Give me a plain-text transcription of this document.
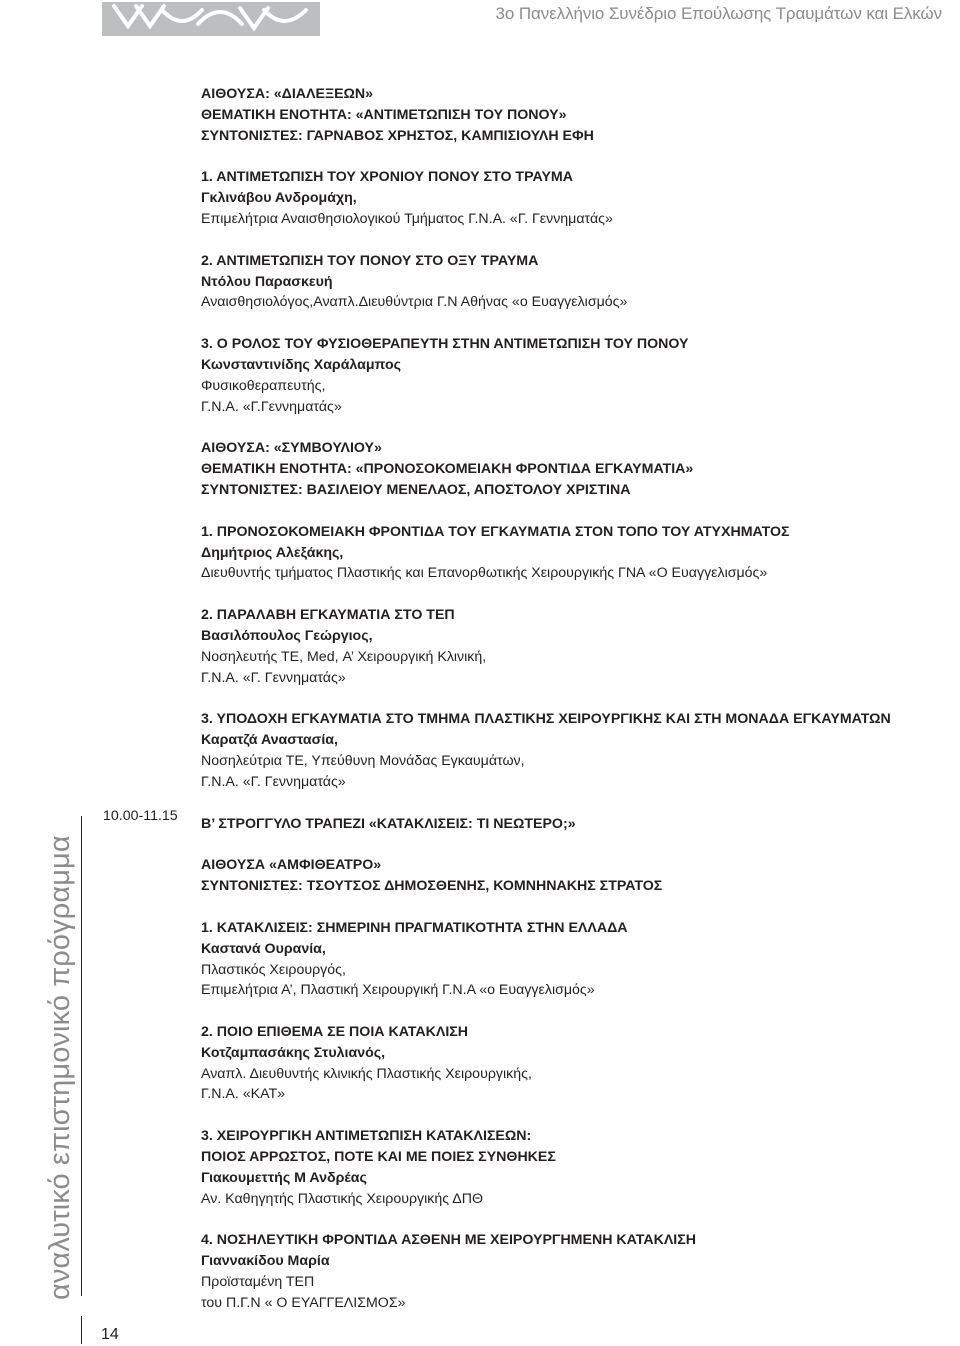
3ο Πανελλήνιο Συνέδριο Επούλωσης Τραυμάτων και Ελκών
αναλυτικό επιστημονικό πρόγραμμα
14
10.00-11.15
ΑΙΘΟΥΣΑ: «ΔΙΑΛΕΞΕΩΝ»
ΘΕΜΑΤΙΚΗ ΕΝΟΤΗΤΑ: «ΑΝΤΙΜΕΤΩΠΙΣΗ ΤΟΥ ΠΟΝΟΥ»
ΣΥΝΤΟΝΙΣΤΕΣ: ΓΑΡΝΑΒΟΣ ΧΡΗΣΤΟΣ, ΚΑΜΠΙΣΙΟΥΛΗ ΕΦΗ
1. ΑΝΤΙΜΕΤΩΠΙΣΗ ΤΟΥ ΧΡΟΝΙΟΥ ΠΟΝΟΥ ΣΤΟ ΤΡΑΥΜΑ
Γκλινάβου Ανδρομάχη,
Επιμελήτρια Αναισθησιολογικού Τμήματος Γ.Ν.Α. «Γ. Γεννηματάς»
2. ΑΝΤΙΜΕΤΩΠΙΣΗ ΤΟΥ ΠΟΝΟΥ ΣΤΟ ΟΞΥ ΤΡΑΥΜΑ
Ντόλου Παρασκευή
Αναισθησιολόγος,Αναπλ.Διευθύντρια Γ.Ν Αθήνας «ο Ευαγγελισμός»
3. Ο ΡΟΛΟΣ ΤΟΥ ΦΥΣΙΟΘΕΡΑΠΕΥΤΗ ΣΤΗΝ ΑΝΤΙΜΕΤΩΠΙΣΗ ΤΟΥ ΠΟΝΟΥ
Κωνσταντινίδης Χαράλαμπος
Φυσικοθεραπευτής,
Γ.Ν.Α. «Γ.Γεννηματάς»
ΑΙΘΟΥΣΑ: «ΣΥΜΒΟΥΛΙΟΥ»
ΘΕΜΑΤΙΚΗ ΕΝΟΤΗΤΑ: «ΠΡΟΝΟΣΟΚΟΜΕΙΑΚΗ ΦΡΟΝΤΙΔΑ ΕΓΚΑΥΜΑΤΙΑ»
ΣΥΝΤΟΝΙΣΤΕΣ: ΒΑΣΙΛΕΙΟΥ ΜΕΝΕΛΑΟΣ, ΑΠΟΣΤΟΛΟΥ ΧΡΙΣΤΙΝΑ
1. ΠΡΟΝΟΣΟΚΟΜΕΙΑΚΗ ΦΡΟΝΤΙΔΑ ΤΟΥ ΕΓΚΑΥΜΑΤΙΑ ΣΤΟΝ ΤΟΠΟ ΤΟΥ ΑΤΥΧΗΜΑΤΟΣ
Δημήτριος Αλεξάκης,
Διευθυντής τμήματος Πλαστικής και Επανορθωτικής Χειρουργικής ΓΝΑ «Ο Ευαγγελισμός»
2. ΠΑΡΑΛΑΒΗ ΕΓΚΑΥΜΑΤΙΑ ΣΤΟ ΤΕΠ
Βασιλόπουλος Γεώργιος,
Νοσηλευτής ΤΕ, Med, Α’ Χειρουργική Κλινική,
Γ.Ν.Α. «Γ. Γεννηματάς»
3. ΥΠΟΔΟΧΗ ΕΓΚΑΥΜΑΤΙΑ ΣΤΟ ΤΜΗΜΑ ΠΛΑΣΤΙΚΗΣ ΧΕΙΡΟΥΡΓΙΚΗΣ ΚΑΙ ΣΤΗ ΜΟΝΑΔΑ ΕΓΚΑΥΜΑΤΩΝ
Καρατζά Αναστασία,
Νοσηλεύτρια ΤΕ, Υπεύθυνη Μονάδας Εγκαυμάτων,
Γ.Ν.Α. «Γ. Γεννηματάς»
Β’ ΣΤΡΟΓΓΥΛΟ ΤΡΑΠΕΖΙ «ΚΑΤΑΚΛΙΣΕΙΣ: ΤΙ ΝΕΩΤΕΡΟ;»
ΑΙΘΟΥΣΑ «ΑΜΦΙΘΕΑΤΡΟ»
ΣΥΝΤΟΝΙΣΤΕΣ: ΤΣΟΥΤΣΟΣ ΔΗΜΟΣΘΕΝΗΣ, ΚΟΜΝΗΝΑΚΗΣ ΣΤΡΑΤΟΣ
1. ΚΑΤΑΚΛΙΣΕΙΣ: ΣΗΜΕΡΙΝΗ ΠΡΑΓΜΑΤΙΚΟΤΗΤΑ ΣΤΗΝ ΕΛΛΑΔΑ
Καστανά Ουρανία,
Πλαστικός Χειρουργός,
Επιμελήτρια Α’, Πλαστική Χειρουργική Γ.Ν.Α «ο Ευαγγελισμός»
2. ΠΟΙΟ ΕΠΙΘΕΜΑ ΣΕ ΠΟΙΑ ΚΑΤΑΚΛΙΣΗ
Κοτζαμπασάκης Στυλιανός,
Αναπλ. Διευθυντής κλινικής Πλαστικής Χειρουργικής,
Γ.Ν.Α. «ΚΑΤ»
3. ΧΕΙΡΟΥΡΓΙΚΗ ΑΝΤΙΜΕΤΩΠΙΣΗ ΚΑΤΑΚΛΙΣΕΩΝ:
ΠΟΙΟΣ ΑΡΡΩΣΤΟΣ, ΠΟΤΕ ΚΑΙ ΜΕ ΠΟΙΕΣ ΣΥΝΘΗΚΕΣ
Γιακουμεττής Μ Ανδρέας
Αν. Καθηγητής Πλαστικής Χειρουργικής ΔΠΘ
4. ΝΟΣΗΛΕΥΤΙΚΗ ΦΡΟΝΤΙΔΑ ΑΣΘΕΝΗ ΜΕ ΧΕΙΡΟΥΡΓΗΜΕΝΗ ΚΑΤΑΚΛΙΣΗ
Γιαννακίδου Μαρία
Προϊσταμένη ΤΕΠ
του Π.Γ.Ν « Ο ΕΥΑΓΓΕΛΙΣΜΟΣ»
